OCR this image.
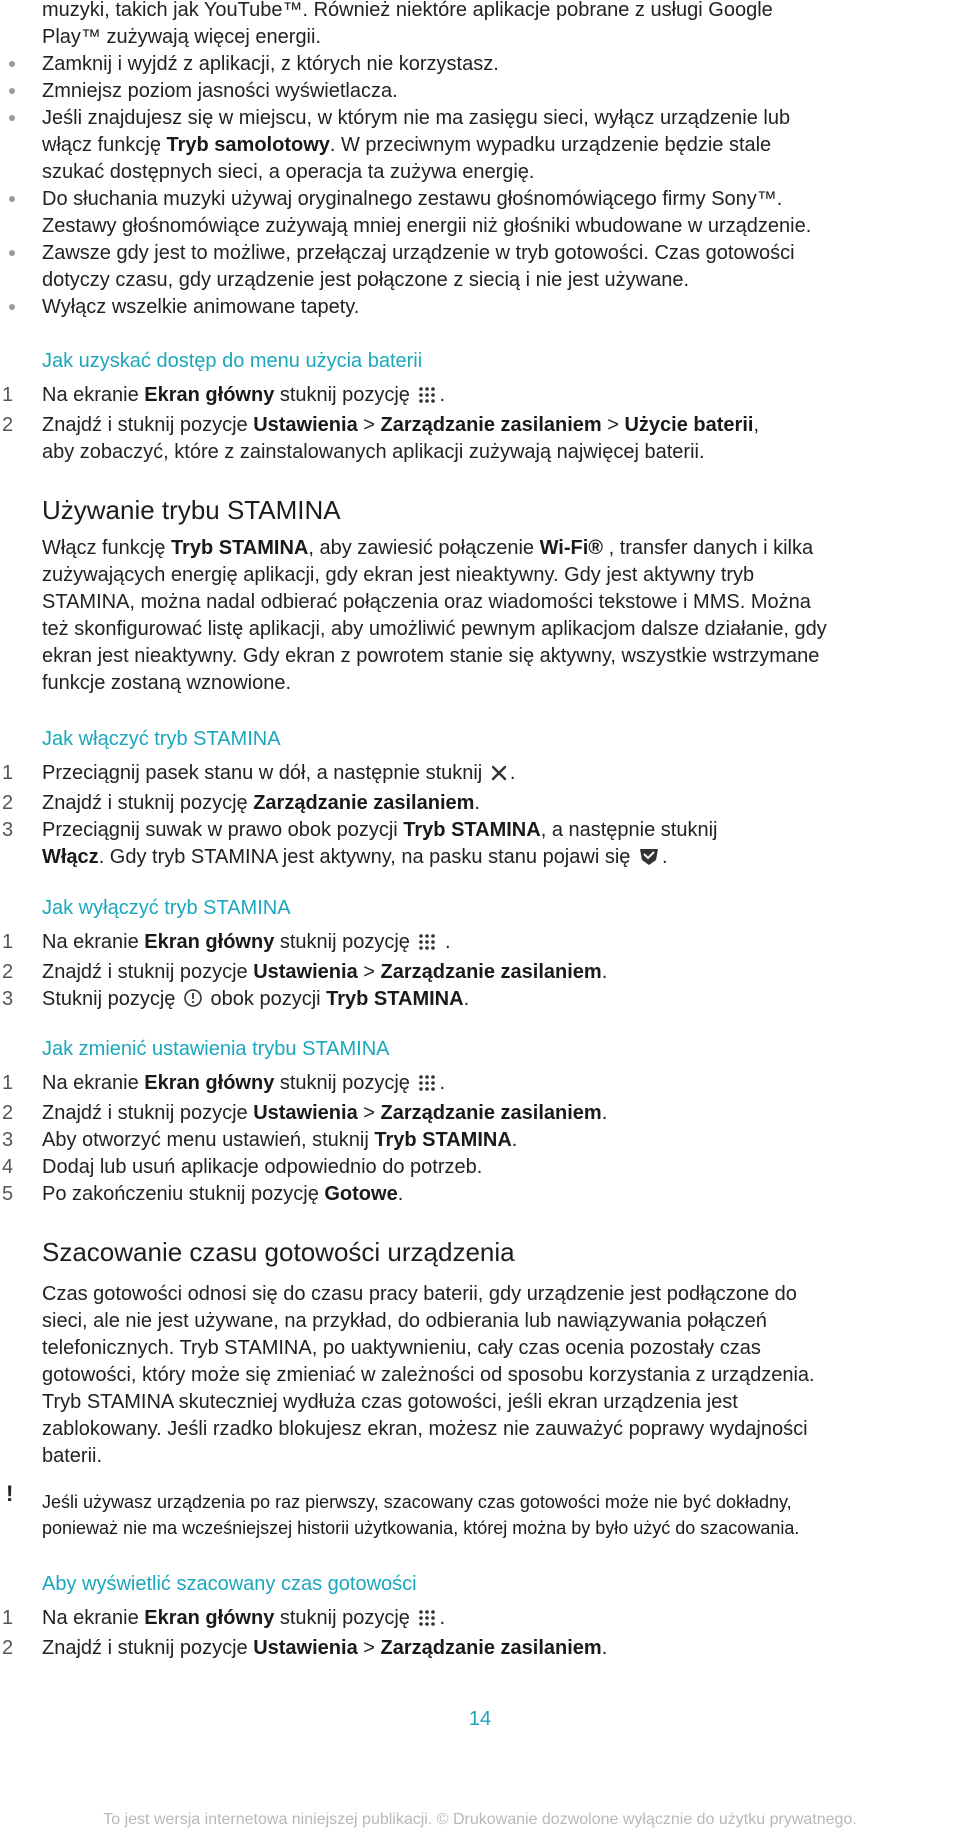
muzyki, takich jak YouTube™. Również niektóre aplikacje pobrane z usługi Google
Play™ zużywają więcej energii.
Zamknij i wyjdź z aplikacji, z których nie korzystasz.
Zmniejsz poziom jasności wyświetlacza.
Jeśli znajdujesz się w miejscu, w którym nie ma zasięgu sieci, wyłącz urządzenie lub
włącz funkcję Tryb samolotowy. W przeciwnym wypadku urządzenie będzie stale
szukać dostępnych sieci, a operacja ta zużywa energię.
Do słuchania muzyki używaj oryginalnego zestawu głośnomówiącego firmy Sony™.
Zestawy głośnomówiące zużywają mniej energii niż głośniki wbudowane w urządzenie.
Zawsze gdy jest to możliwe, przełączaj urządzenie w tryb gotowości. Czas gotowości
dotyczy czasu, gdy urządzenie jest połączone z siecią i nie jest używane.
Wyłącz wszelkie animowane tapety.
Jak uzyskać dostęp do menu użycia baterii
1	Na ekranie Ekran główny stuknij pozycję .
2	Znajdź i stuknij pozycje Ustawienia > Zarządzanie zasilaniem > Użycie baterii,
aby zobaczyć, które z zainstalowanych aplikacji zużywają najwięcej baterii.
Używanie trybu STAMINA
Włącz funkcję Tryb STAMINA, aby zawiesić połączenie Wi-Fi® , transfer danych i kilka
zużywających energię aplikacji, gdy ekran jest nieaktywny. Gdy jest aktywny tryb
STAMINA, można nadal odbierać połączenia oraz wiadomości tekstowe i MMS. Można
też skonfigurować listę aplikacji, aby umożliwić pewnym aplikacjom dalsze działanie, gdy
ekran jest nieaktywny. Gdy ekran z powrotem stanie się aktywny, wszystkie wstrzymane
funkcje zostaną wznowione.
Jak włączyć tryb STAMINA
1	Przeciągnij pasek stanu w dół, a następnie stuknij .
2	Znajdź i stuknij pozycję Zarządzanie zasilaniem.
3	Przeciągnij suwak w prawo obok pozycji Tryb STAMINA, a następnie stuknij
Włącz. Gdy tryb STAMINA jest aktywny, na pasku stanu pojawi się .
Jak wyłączyć tryb STAMINA
1	Na ekranie Ekran główny stuknij pozycję  .
2	Znajdź i stuknij pozycje Ustawienia > Zarządzanie zasilaniem.
3	Stuknij pozycję  obok pozycji Tryb STAMINA.
Jak zmienić ustawienia trybu STAMINA
1	Na ekranie Ekran główny stuknij pozycję .
2	Znajdź i stuknij pozycje Ustawienia > Zarządzanie zasilaniem.
3	Aby otworzyć menu ustawień, stuknij Tryb STAMINA.
4	Dodaj lub usuń aplikacje odpowiednio do potrzeb.
5	Po zakończeniu stuknij pozycję Gotowe.
Szacowanie czasu gotowości urządzenia
Czas gotowości odnosi się do czasu pracy baterii, gdy urządzenie jest podłączone do
sieci, ale nie jest używane, na przykład, do odbierania lub nawiązywania połączeń
telefonicznych. Tryb STAMINA, po uaktywnieniu, cały czas ocenia pozostały czas
gotowości, który może się zmieniać w zależności od sposobu korzystania z urządzenia.
Tryb STAMINA skuteczniej wydłuża czas gotowości, jeśli ekran urządzenia jest
zablokowany. Jeśli rzadko blokujesz ekran, możesz nie zauważyć poprawy wydajności
baterii.
! Jeśli używasz urządzenia po raz pierwszy, szacowany czas gotowości może nie być dokładny,
ponieważ nie ma wcześniejszej historii użytkowania, której można by było użyć do szacowania.
Aby wyświetlić szacowany czas gotowości
1	Na ekranie Ekran główny stuknij pozycję .
2	Znajdź i stuknij pozycje Ustawienia > Zarządzanie zasilaniem.
14
To jest wersja internetowa niniejszej publikacji. © Drukowanie dozwolone wyłącznie do użytku prywatnego.
